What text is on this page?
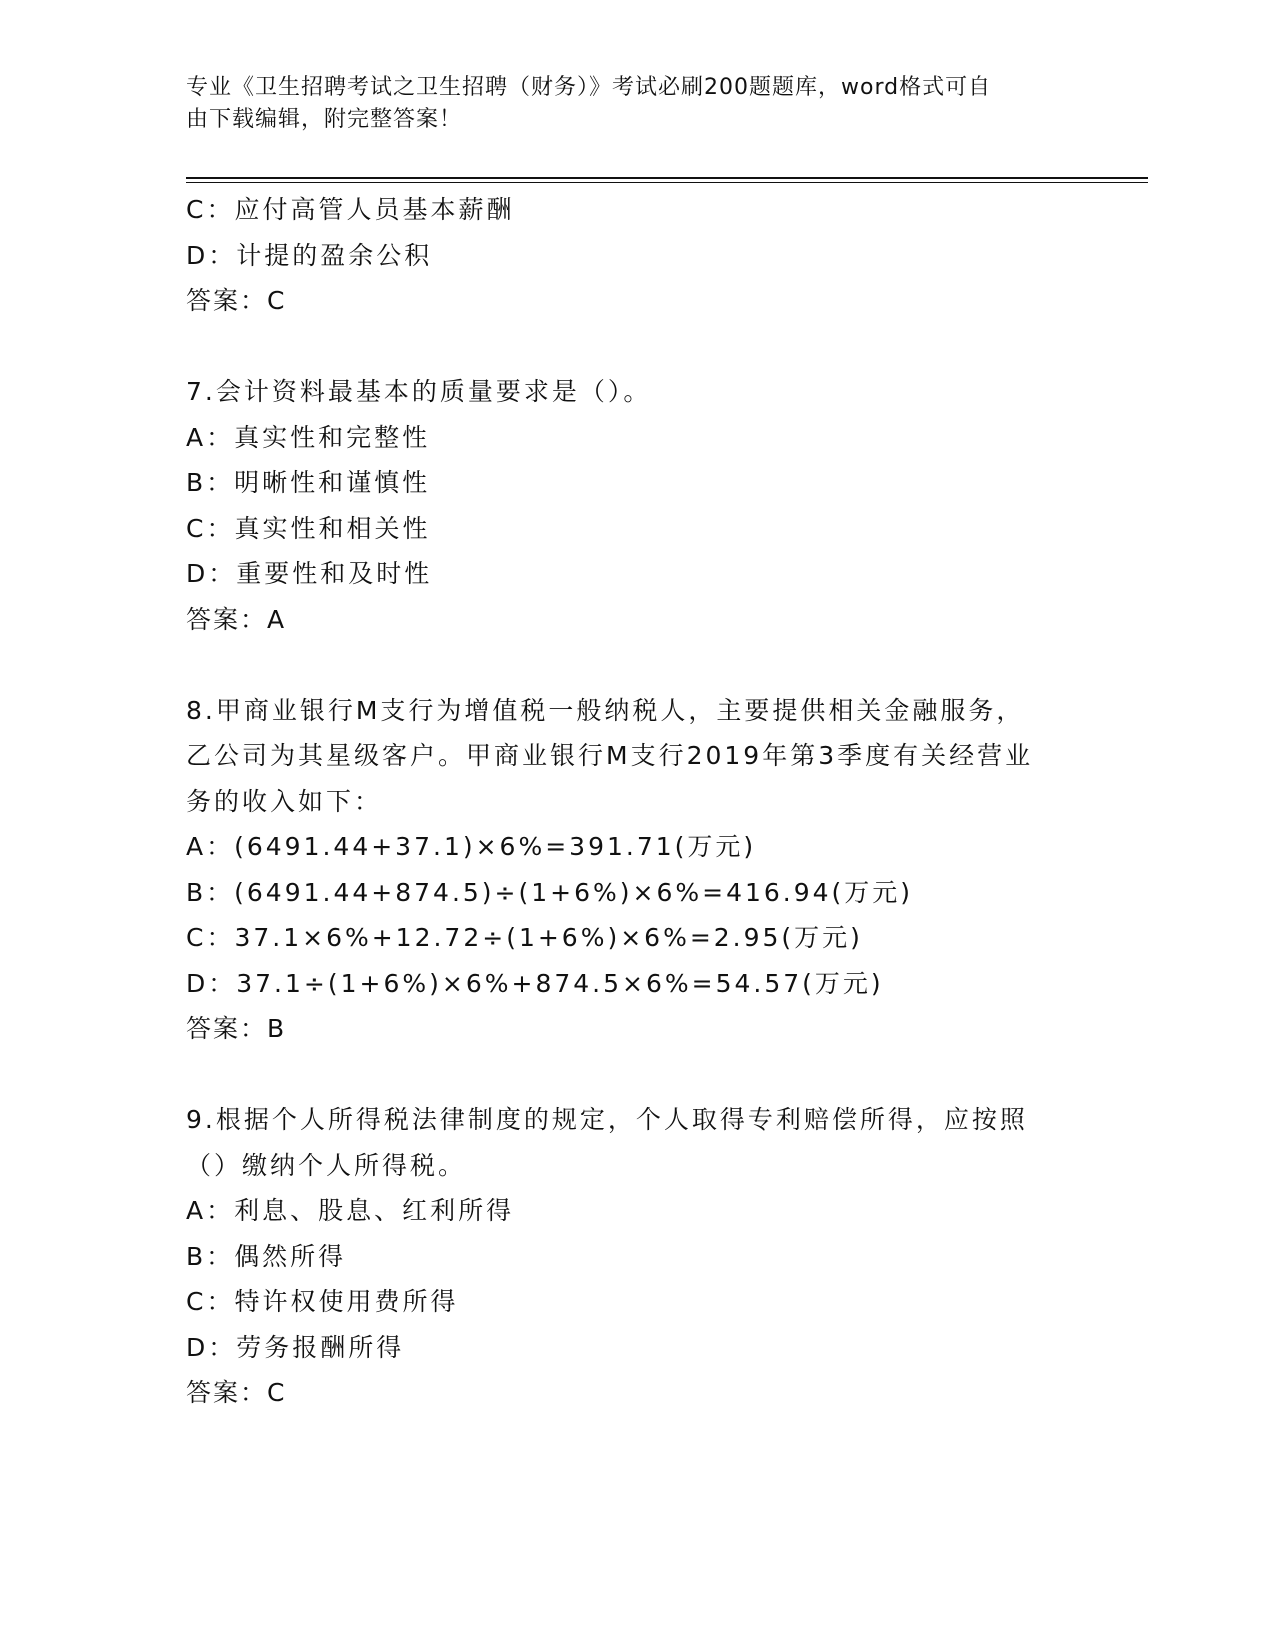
专业《卫生招聘考试之卫生招聘（财务）》考试必刷200题题库，word格式可自
由下载编辑，附完整答案！
C：应付高管人员基本薪酬
D：计提的盈余公积
答案：C
7.会计资料最基本的质量要求是（）。
A：真实性和完整性
B：明晰性和谨慎性
C：真实性和相关性
D：重要性和及时性
答案：A
8.甲商业银行M支行为增值税一般纳税人，主要提供相关金融服务，
乙公司为其星级客户。甲商业银行M支行2019年第3季度有关经营业
务的收入如下：
A：(6491.44+37.1)×6%=391.71(万元)
B：(6491.44+874.5)÷(1+6%)×6%=416.94(万元)
C：37.1×6%+12.72÷(1+6%)×6%=2.95(万元)
D：37.1÷(1+6%)×6%+874.5×6%=54.57(万元)
答案：B
9.根据个人所得税法律制度的规定，个人取得专利赔偿所得，应按照
（）缴纳个人所得税。
A：利息、股息、红利所得
B：偶然所得
C：特许权使用费所得
D：劳务报酬所得
答案：C
